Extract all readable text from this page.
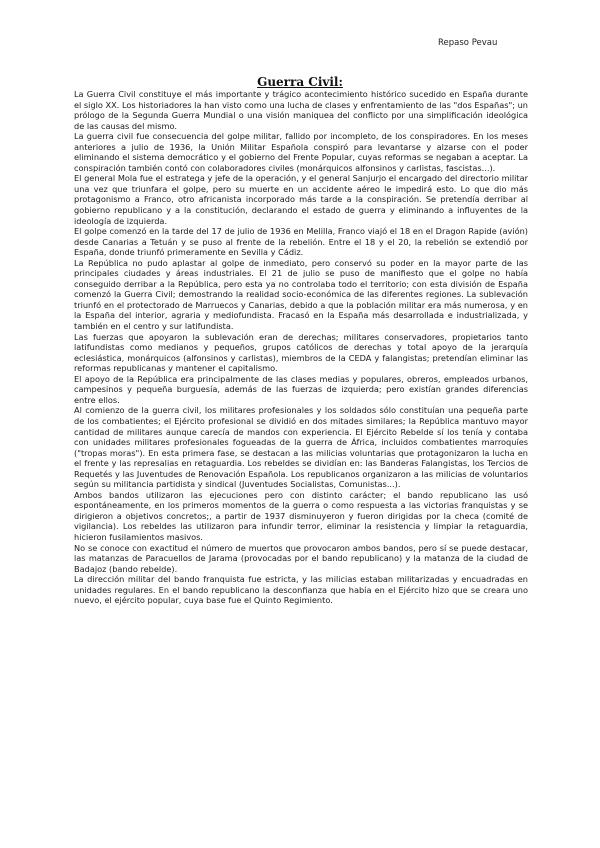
Repaso Pevau
Guerra Civil:

La Guerra Civil constituye el más importante y trágico acontecimiento histórico sucedido en España durante el siglo XX. Los historiadores la han visto como una lucha de clases y enfrentamiento de las "dos Españas"; un prólogo de la Segunda Guerra Mundial o una visión maniquea del conflicto por una simplificación ideológica de las causas del mismo.

La guerra civil fue consecuencia del golpe militar, fallido por incompleto, de los conspiradores. En los meses anteriores a julio de 1936, la Unión Militar Española conspiró para levantarse y alzarse con el poder eliminando el sistema democrático y el gobierno del Frente Popular, cuyas reformas se negaban a aceptar. La conspiración también contó con colaboradores civiles (monárquicos alfonsinos y carlistas, fascistas...).

El general Mola fue el estratega y jefe de la operación, y el general Sanjurjo el encargado del directorio militar una vez que triunfara el golpe, pero su muerte en un accidente aéreo le impedirá esto. Lo que dio más protagonismo a Franco, otro africanista incorporado más tarde a la conspiración. Se pretendía derribar al gobierno republicano y a la constitución, declarando el estado de guerra y eliminando a influyentes de la ideología de izquierda.

El golpe comenzó en la tarde del 17 de julio de 1936 en Melilla, Franco viajó el 18 en el Dragon Rapide (avión) desde Canarias a Tetuán y se puso al frente de la rebelión. Entre el 18 y el 20, la rebelión se extendió por España, donde triunfó primeramente en Sevilla y Cádiz.

La República no pudo aplastar al golpe de inmediato, pero conservó su poder en la mayor parte de las principales ciudades y áreas industriales. El 21 de julio se puso de manifiesto que el golpe no había conseguido derribar a la República, pero esta ya no controlaba todo el territorio; con esta división de España comenzó la Guerra Civil; demostrando la realidad socio-económica de las diferentes regiones. La sublevación triunfó en el protectorado de Marruecos y Canarias, debido a que la población militar era más numerosa, y en la España del interior, agraria y mediofundista. Fracasó en la España más desarrollada e industrializada, y también en el centro y sur latifundista.

Las fuerzas que apoyaron la sublevación eran de derechas; militares conservadores, propietarios tanto latifundistas como medianos y pequeños, grupos católicos de derechas y total apoyo de la jerarquía eclesiástica, monárquicos (alfonsinos y carlistas), miembros de la CEDA y falangistas; pretendían eliminar las reformas republicanas y mantener el capitalismo.

El apoyo de la República era principalmente de las clases medias y populares, obreros, empleados urbanos, campesinos y pequeña burguesía, además de las fuerzas de izquierda; pero existían grandes diferencias entre ellos.

Al comienzo de la guerra civil, los militares profesionales y los soldados sólo constituían una pequeña parte de los combatientes; el Ejército profesional se dividió en dos mitades similares; la República mantuvo mayor cantidad de militares aunque carecía de mandos con experiencia. El Ejército Rebelde sí los tenía y contaba con unidades militares profesionales fogueadas de la guerra de África, incluidos combatientes marroquíes ("tropas moras"). En esta primera fase, se destacan a las milicias voluntarias que protagonizaron la lucha en el frente y las represalias en retaguardia. Los rebeldes se dividían en: las Banderas Falangistas, los Tercios de Requetés y las Juventudes de Renovación Española. Los republicanos organizaron a las milicias de voluntarios según su militancia partidista y sindical (Juventudes Socialistas, Comunistas...).

Ambos bandos utilizaron las ejecuciones pero con distinto carácter; el bando republicano las usó espontáneamente, en los primeros momentos de la guerra o como respuesta a las victorias franquistas y se dirigieron a objetivos concretos;, a partir de 1937 disminuyeron y fueron dirigidas por la checa (comité de vigilancia). Los rebeldes las utilizaron para infundir terror, eliminar la resistencia y limpiar la retaguardia, hicieron fusilamientos masivos.

No se conoce con exactitud el número de muertos que provocaron ambos bandos, pero sí se puede destacar, las matanzas de Paracuellos de Jarama (provocadas por el bando republicano) y la matanza de la ciudad de Badajoz (bando rebelde).

La dirección militar del bando franquista fue estricta, y las milicias estaban militarizadas y encuadradas en unidades regulares. En el bando republicano la desconfianza que había en el Ejército hizo que se creara uno nuevo, el ejército popular, cuya base fue el Quinto Regimiento.
